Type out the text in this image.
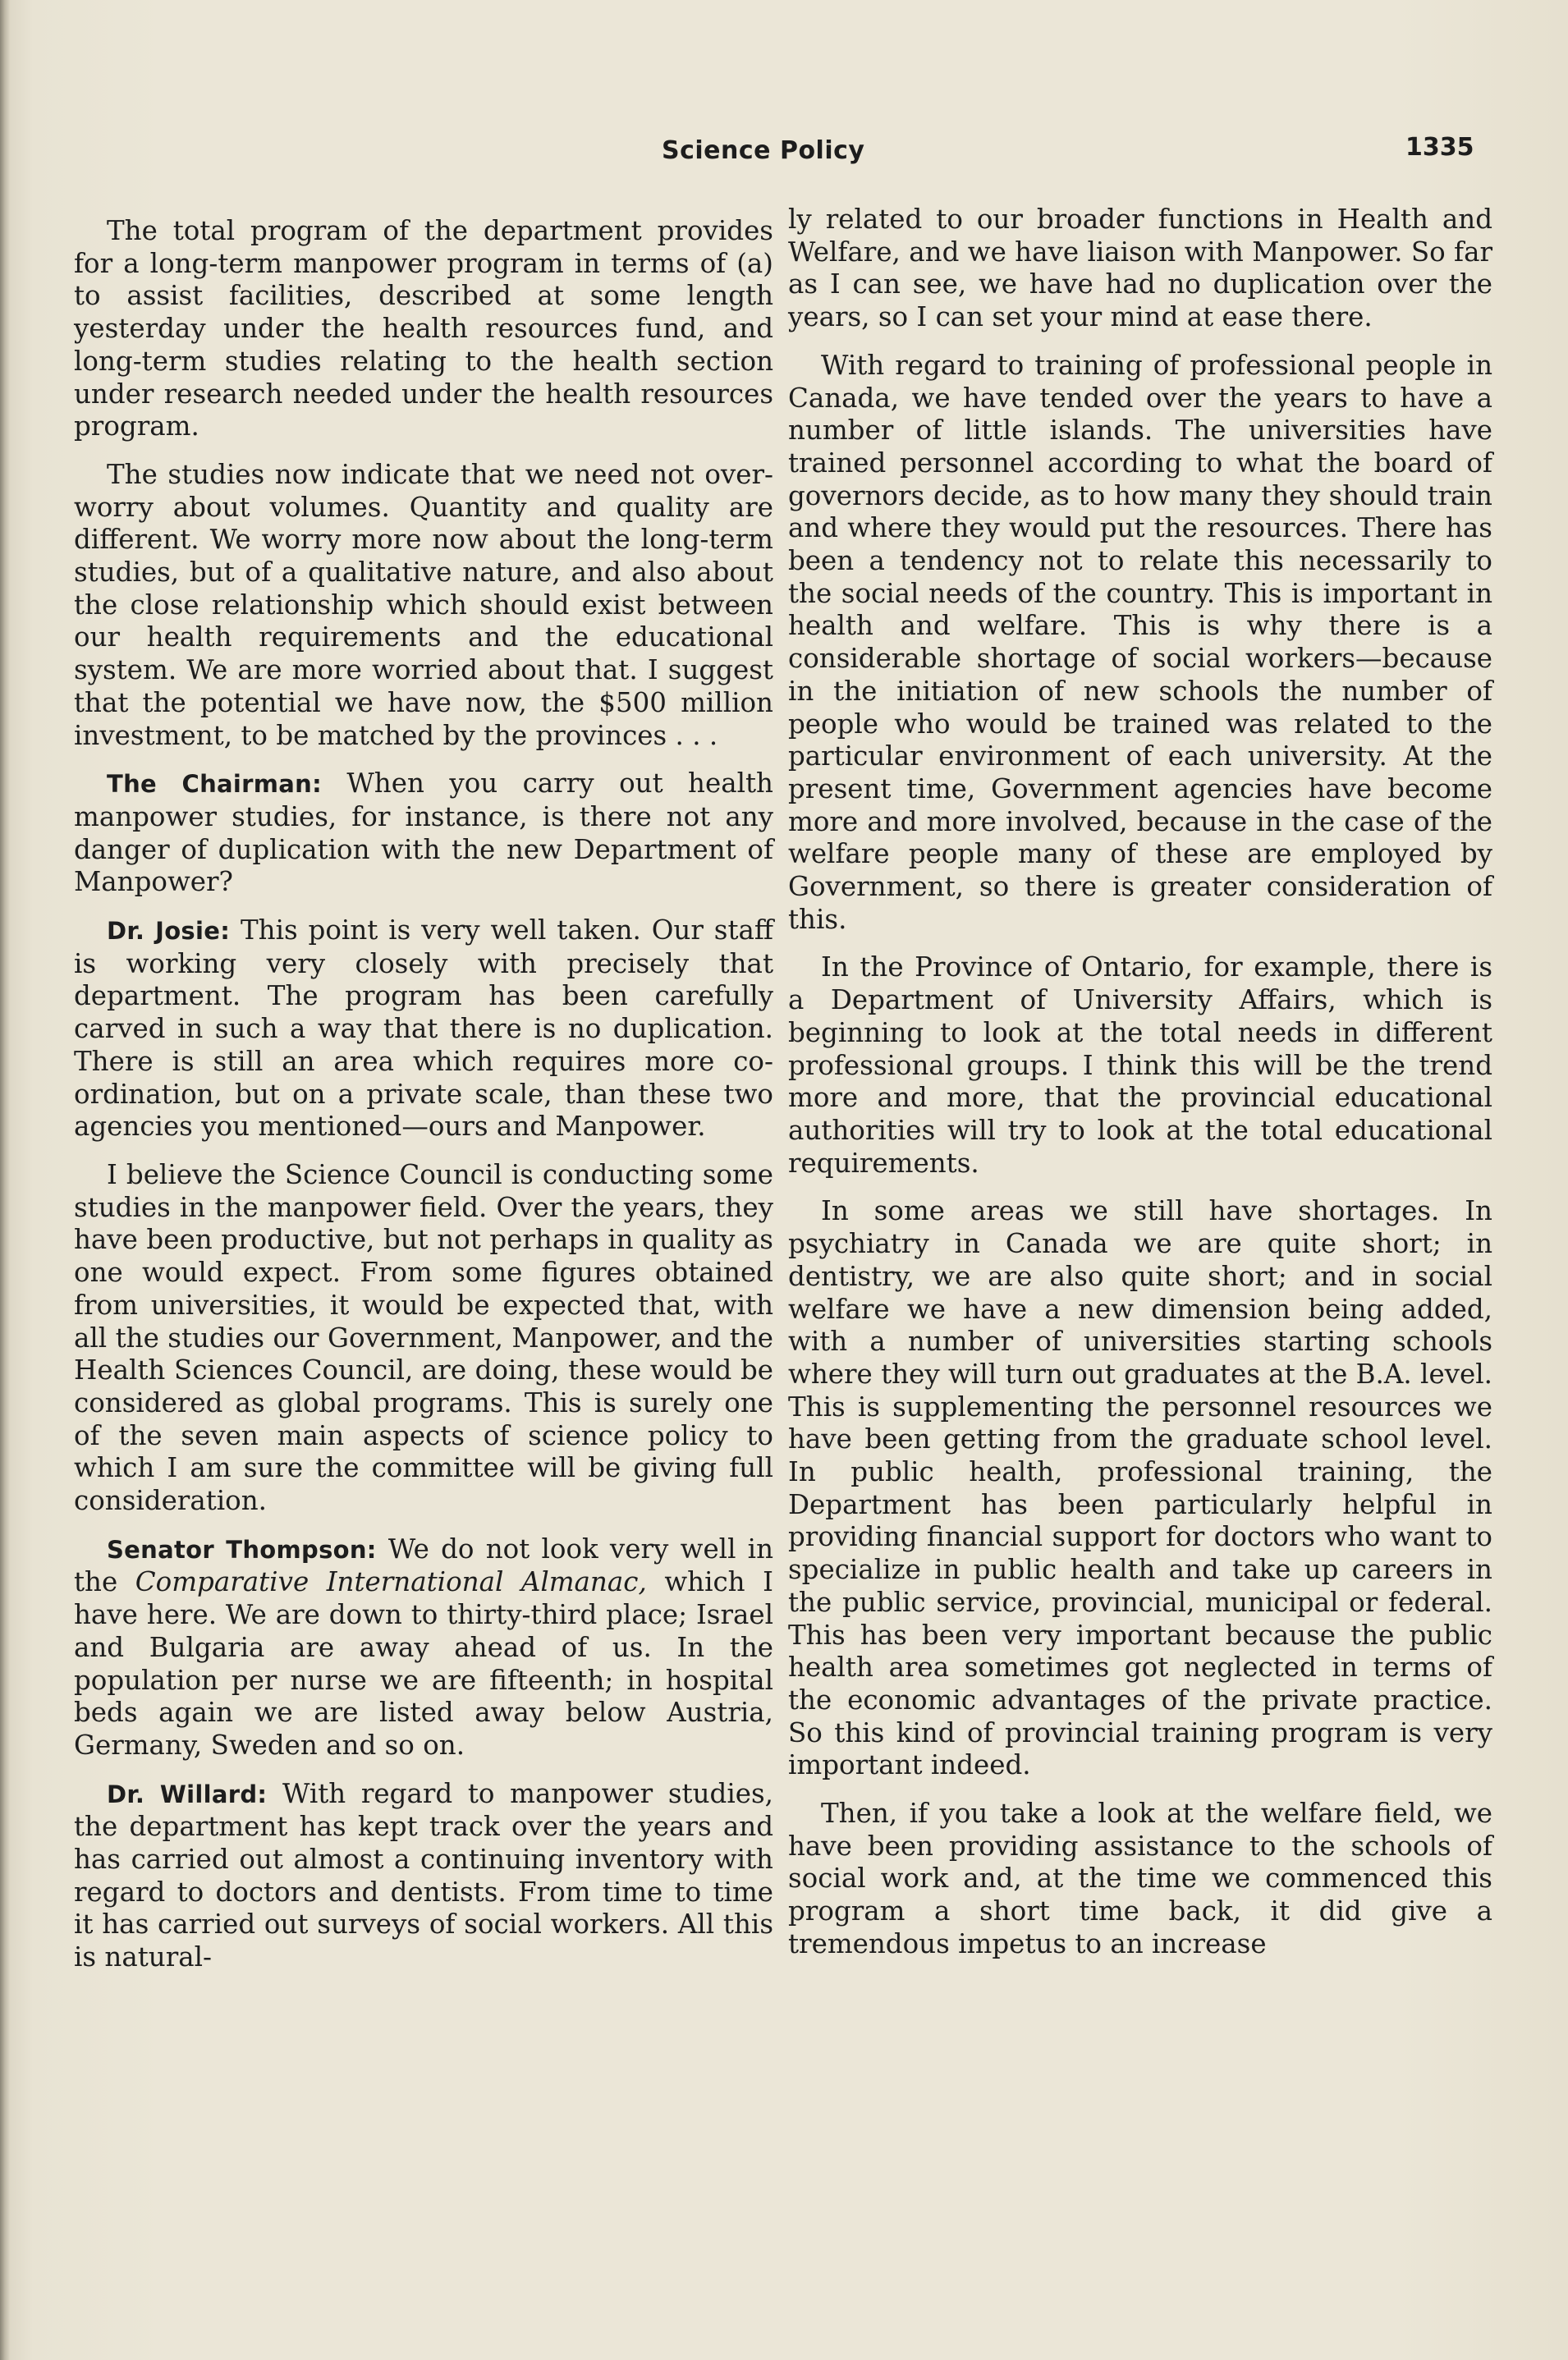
Science Policy	1335

The total program of the department provides for a long-term manpower program in terms of (a) to assist facilities, described at some length yesterday under the health resources fund, and long-term studies relating to the health section under research needed under the health resources program.

The studies now indicate that we need not over-worry about volumes. Quantity and quality are different. We worry more now about the long-term studies, but of a qualitative nature, and also about the close relationship which should exist between our health requirements and the educational system. We are more worried about that. I suggest that the potential we have now, the $500 million investment, to be matched by the provinces . . .

The Chairman: When you carry out health manpower studies, for instance, is there not any danger of duplication with the new Department of Manpower?

Dr. Josie: This point is very well taken. Our staff is working very closely with precisely that department. The program has been carefully carved in such a way that there is no duplication. There is still an area which requires more co-ordination, but on a private scale, than these two agencies you mentioned—ours and Manpower.

I believe the Science Council is conducting some studies in the manpower field. Over the years, they have been productive, but not perhaps in quality as one would expect. From some figures obtained from universities, it would be expected that, with all the studies our Government, Manpower, and the Health Sciences Council, are doing, these would be considered as global programs. This is surely one of the seven main aspects of science policy to which I am sure the committee will be giving full consideration.

Senator Thompson: We do not look very well in the Comparative International Almanac, which I have here. We are down to thirty-third place; Israel and Bulgaria are away ahead of us. In the population per nurse we are fifteenth; in hospital beds again we are listed away below Austria, Germany, Sweden and so on.

Dr. Willard: With regard to manpower studies, the department has kept track over the years and has carried out almost a continuing inventory with regard to doctors and dentists. From time to time it has carried out surveys of social workers. All this is natural-

ly related to our broader functions in Health and Welfare, and we have liaison with Manpower. So far as I can see, we have had no duplication over the years, so I can set your mind at ease there.

With regard to training of professional people in Canada, we have tended over the years to have a number of little islands. The universities have trained personnel according to what the board of governors decide, as to how many they should train and where they would put the resources. There has been a tendency not to relate this necessarily to the social needs of the country. This is important in health and welfare. This is why there is a considerable shortage of social workers—because in the initiation of new schools the number of people who would be trained was related to the particular environment of each university. At the present time, Government agencies have become more and more involved, because in the case of the welfare people many of these are employed by Government, so there is greater consideration of this.

In the Province of Ontario, for example, there is a Department of University Affairs, which is beginning to look at the total needs in different professional groups. I think this will be the trend more and more, that the provincial educational authorities will try to look at the total educational requirements.

In some areas we still have shortages. In psychiatry in Canada we are quite short; in dentistry, we are also quite short; and in social welfare we have a new dimension being added, with a number of universities starting schools where they will turn out graduates at the B.A. level. This is supplementing the personnel resources we have been getting from the graduate school level. In public health, professional training, the Department has been particularly helpful in providing financial support for doctors who want to specialize in public health and take up careers in the public service, provincial, municipal or federal. This has been very important because the public health area sometimes got neglected in terms of the economic advantages of the private practice. So this kind of provincial training program is very important indeed.

Then, if you take a look at the welfare field, we have been providing assistance to the schools of social work and, at the time we commenced this program a short time back, it did give a tremendous impetus to an increase
